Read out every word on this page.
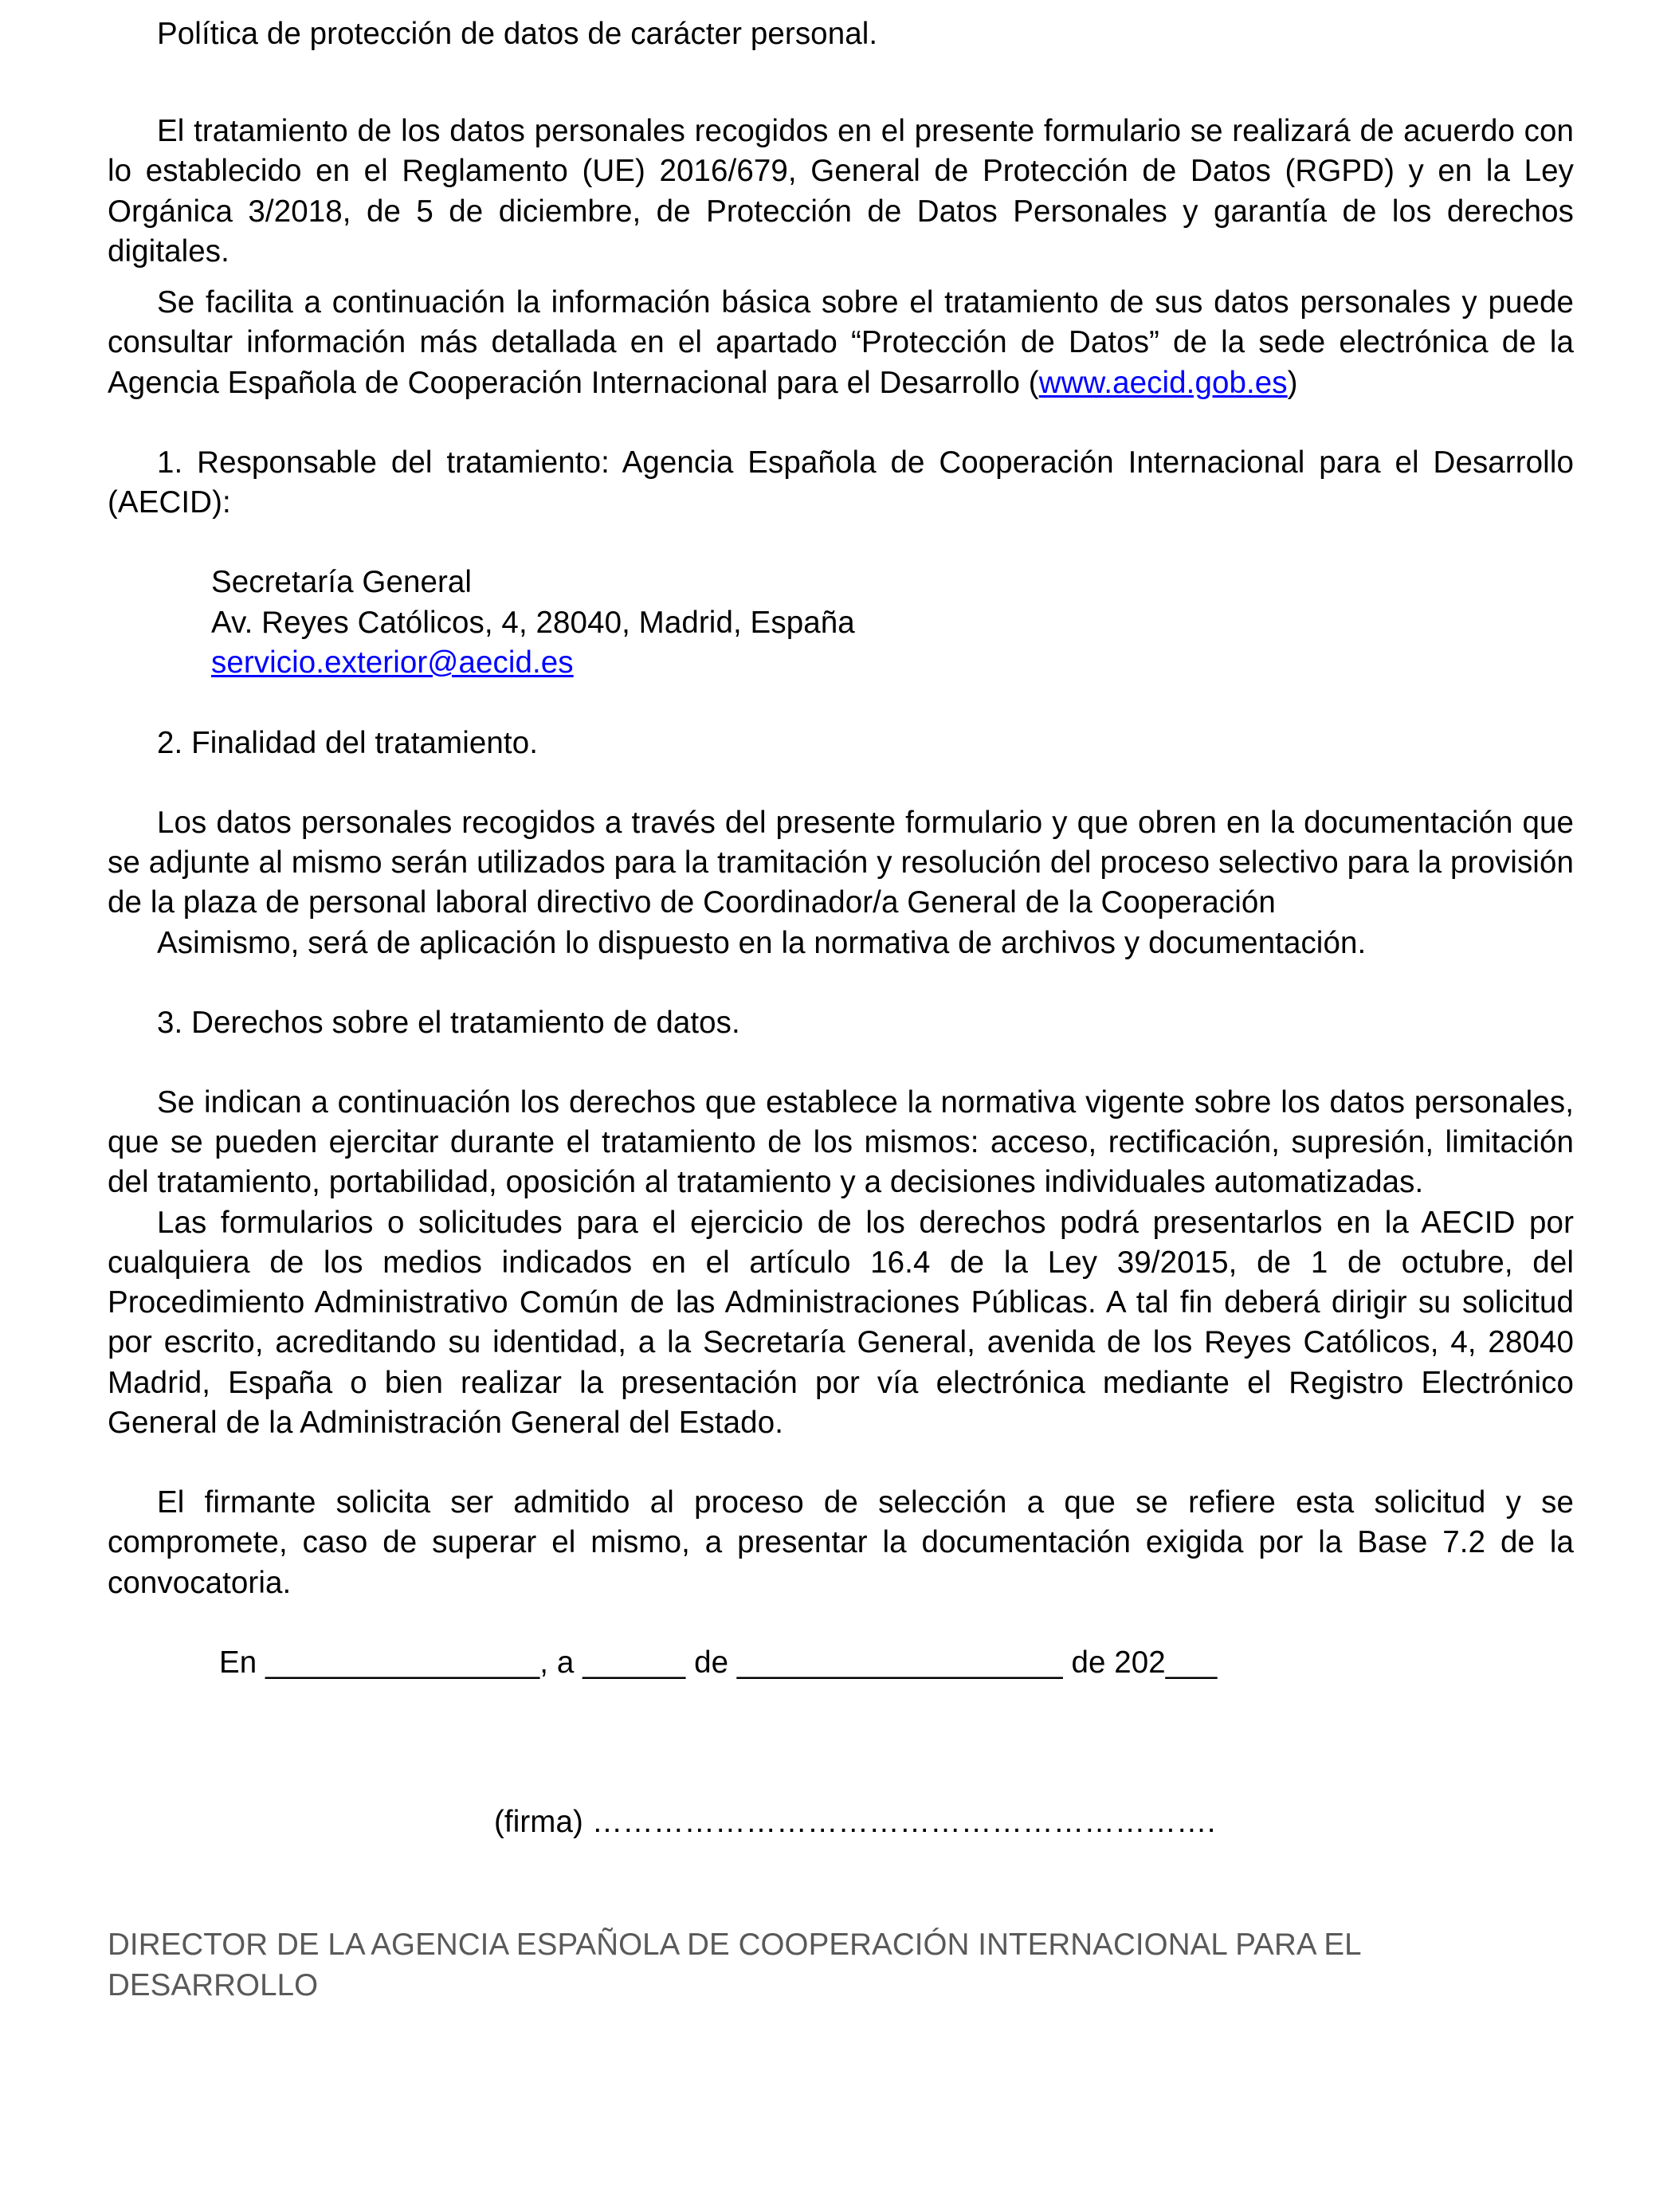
Política de protección de datos de carácter personal.

El tratamiento de los datos personales recogidos en el presente formulario se realizará de acuerdo con lo establecido en el Reglamento (UE) 2016/679, General de Protección de Datos (RGPD) y en la Ley Orgánica 3/2018, de 5 de diciembre, de Protección de Datos Personales y garantía de los derechos digitales.

Se facilita a continuación la información básica sobre el tratamiento de sus datos personales y puede consultar información más detallada en el apartado “Protección de Datos” de la sede electrónica de la Agencia Española de Cooperación Internacional para el Desarrollo (www.aecid.gob.es)

1. Responsable del tratamiento: Agencia Española de Cooperación Internacional para el Desarrollo (AECID):

Secretaría General
Av. Reyes Católicos, 4, 28040, Madrid, España
servicio.exterior@aecid.es

2. Finalidad del tratamiento.

Los datos personales recogidos a través del presente formulario y que obren en la documentación que se adjunte al mismo serán utilizados para la tramitación y resolución del proceso selectivo para la provisión de la plaza de personal laboral directivo de Coordinador/a General de la Cooperación

Asimismo, será de aplicación lo dispuesto en la normativa de archivos y documentación.

3. Derechos sobre el tratamiento de datos.

Se indican a continuación los derechos que establece la normativa vigente sobre los datos personales, que se pueden ejercitar durante el tratamiento de los mismos: acceso, rectificación, supresión, limitación del tratamiento, portabilidad, oposición al tratamiento y a decisiones individuales automatizadas.

Las formularios o solicitudes para el ejercicio de los derechos podrá presentarlos en la AECID por cualquiera de los medios indicados en el artículo 16.4 de la Ley 39/2015, de 1 de octubre, del Procedimiento Administrativo Común de las Administraciones Públicas. A tal fin deberá dirigir su solicitud por escrito, acreditando su identidad, a la Secretaría General, avenida de los Reyes Católicos, 4, 28040 Madrid, España o bien realizar la presentación por vía electrónica mediante el Registro Electrónico General de la Administración General del Estado.

El firmante solicita ser admitido al proceso de selección a que se refiere esta solicitud y se compromete, caso de superar el mismo, a presentar la documentación exigida por la Base 7.2 de la convocatoria.

En ________________, a ______ de ___________________ de 202___

(firma) …………………………………………………….

DIRECTOR DE LA AGENCIA ESPAÑOLA DE COOPERACIÓN INTERNACIONAL PARA EL

DESARROLLO
